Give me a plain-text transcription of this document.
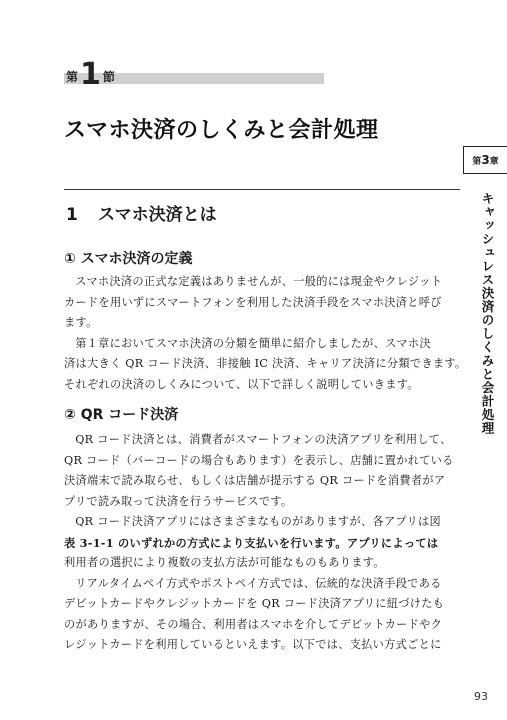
第 1 節
スマホ決済のしくみと会計処理
第 3 章
キャッシュレス決済のしくみと会計処理
1 スマホ決済とは
① スマホ決済の定義

スマホ決済の正式な定義はありませんが、一般的には現金やクレジット

カードを用いずにスマートフォンを利用した決済手段をスマホ決済と呼び

ます。

第１章においてスマホ決済の分類を簡単に紹介しましたが、スマホ決

済は大きく QR コード決済、非接触 IC 決済、キャリア決済に分類できます。

それぞれの決済のしくみについて、以下で詳しく説明していきます。

② QR コード決済

QR コード決済とは、消費者がスマートフォンの決済アプリを利用して、

QR コード（バーコードの場合もあります）を表示し、店舗に置かれている

決済端末で読み取らせ、もしくは店舗が提示する QR コードを消費者がア

プリで読み取って決済を行うサービスです。

QR コード決済アプリにはさまざまなものがありますが、各アプリは図

表 3-1-1 のいずれかの方式により支払いを行います。アプリによっては

利用者の選択により複数の支払方法が可能なものもあります。

リアルタイムペイ方式やポストペイ方式では、伝統的な決済手段である

デビットカードやクレジットカードを QR コード決済アプリに紐づけたも

のがありますが、その場合、利用者はスマホを介してデビットカードやク

レジットカードを利用しているといえます。以下では、支払い方式ごとに

93
